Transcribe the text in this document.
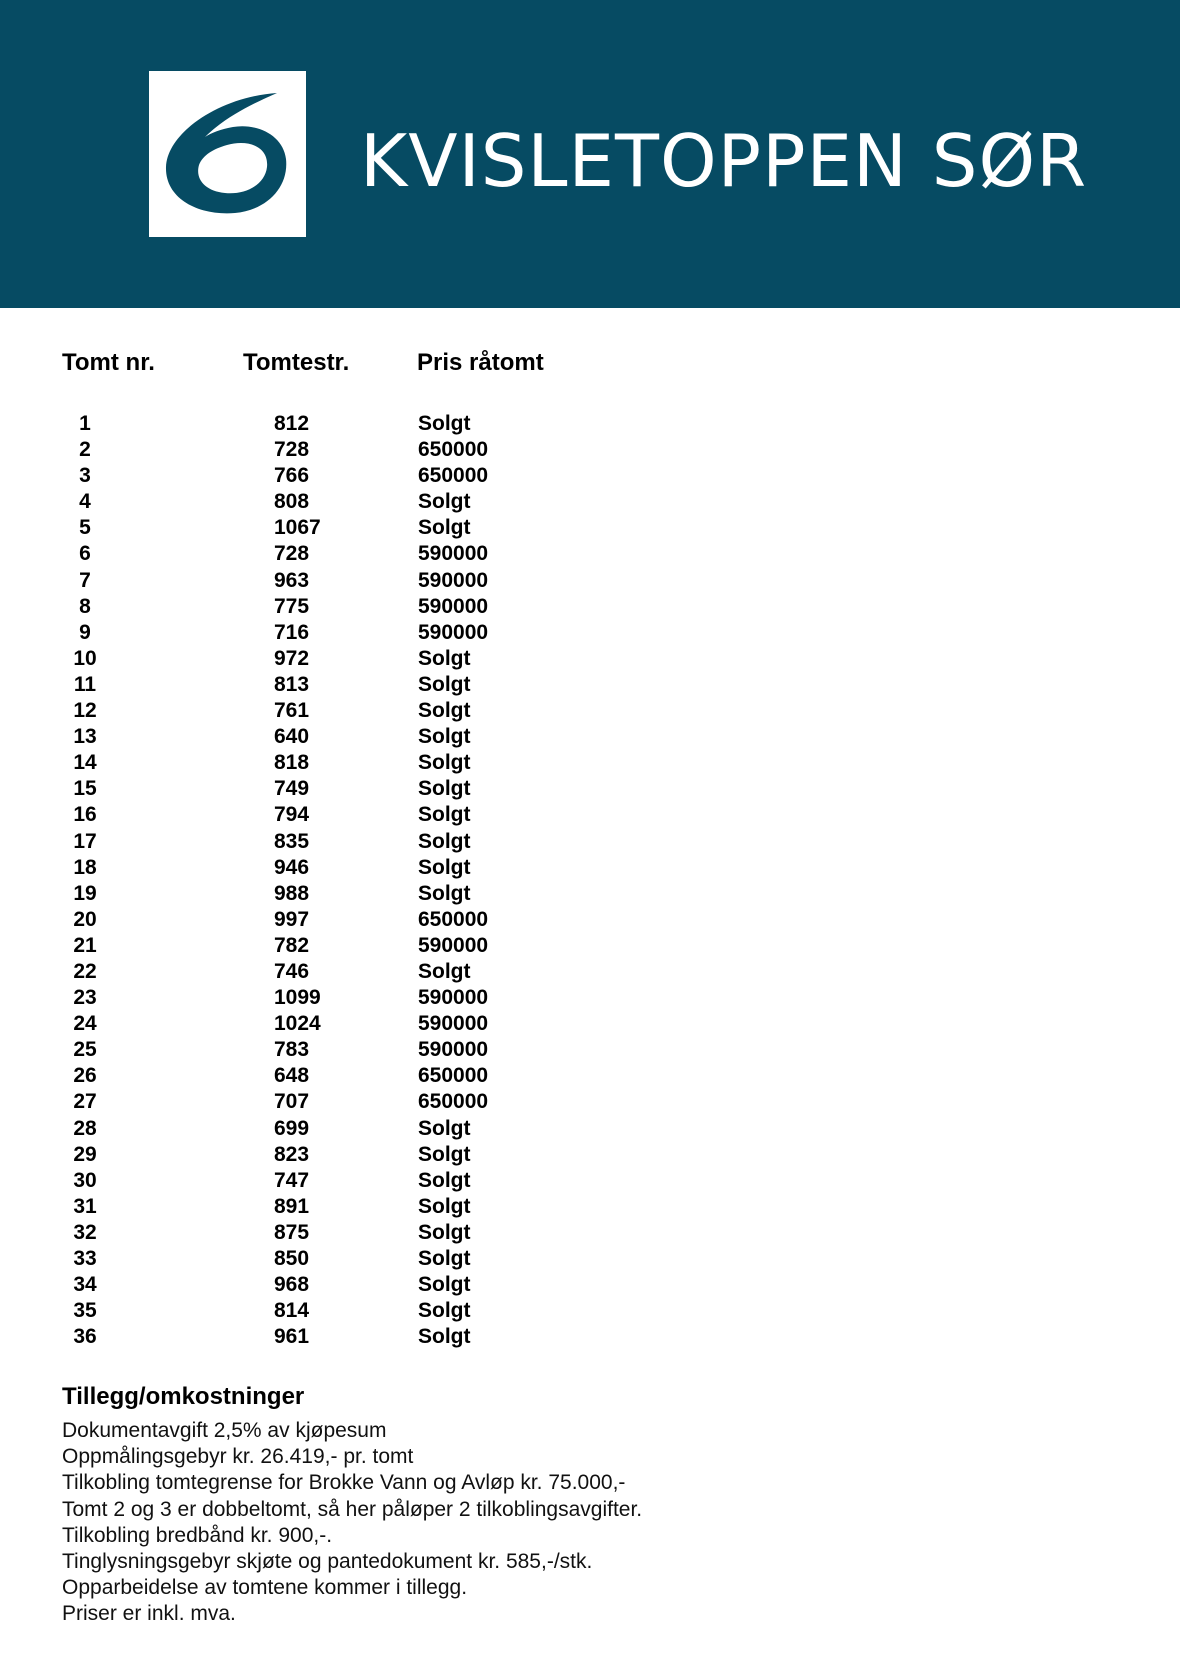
KVISLETOPPEN SØR
Tomt nr.	Tomtestr.	Pris råtomt
1	812	Solgt
2	728	650000
3	766	650000
4	808	Solgt
5	1067	Solgt
6	728	590000
7	963	590000
8	775	590000
9	716	590000
10	972	Solgt
11	813	Solgt
12	761	Solgt
13	640	Solgt
14	818	Solgt
15	749	Solgt
16	794	Solgt
17	835	Solgt
18	946	Solgt
19	988	Solgt
20	997	650000
21	782	590000
22	746	Solgt
23	1099	590000
24	1024	590000
25	783	590000
26	648	650000
27	707	650000
28	699	Solgt
29	823	Solgt
30	747	Solgt
31	891	Solgt
32	875	Solgt
33	850	Solgt
34	968	Solgt
35	814	Solgt
36	961	Solgt
Tillegg/omkostninger
Dokumentavgift 2,5% av kjøpesum
Oppmålingsgebyr kr. 26.419,- pr. tomt
Tilkobling tomtegrense for Brokke Vann og Avløp kr. 75.000,-
Tomt 2 og 3 er dobbeltomt, så her påløper 2 tilkoblingsavgifter.
Tilkobling bredbånd kr. 900,-.
Tinglysningsgebyr skjøte og pantedokument kr. 585,-/stk.
Opparbeidelse av tomtene kommer i tillegg.
Priser er inkl. mva.
